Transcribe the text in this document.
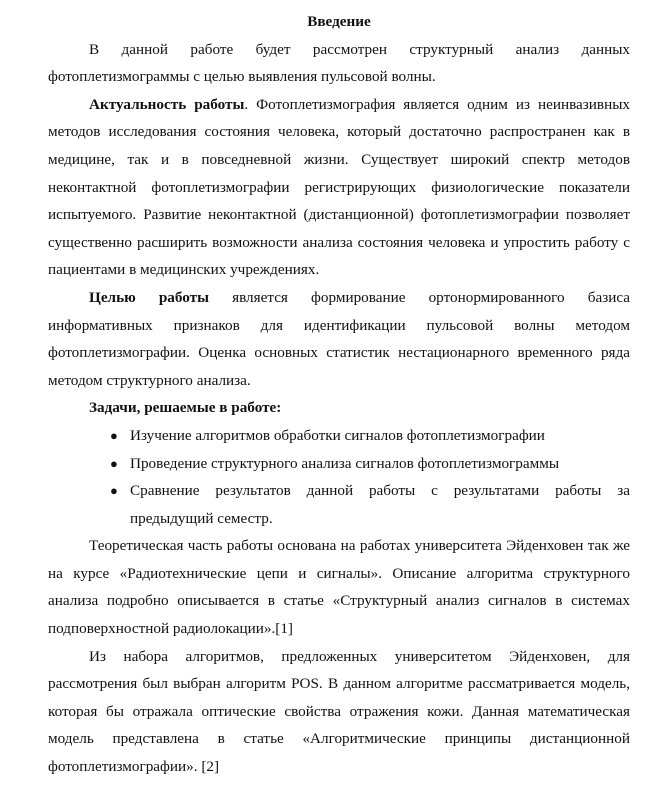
Введение

В данной работе будет рассмотрен структурный анализ данных фотоплетизмограммы с целью выявления пульсовой волны.

Актуальность работы. Фотоплетизмография является одним из неинвазивных методов исследования состояния человека, который достаточно распространен как в медицине, так и в повседневной жизни. Существует широкий спектр методов неконтактной фотоплетизмографии регистрирующих физиологические показатели испытуемого. Развитие неконтактной (дистанционной) фотоплетизмографии позволяет существенно расширить возможности анализа состояния человека и упростить работу с пациентами в медицинских учреждениях.

Целью работы является формирование ортонормированного базиса информативных признаков для идентификации пульсовой волны методом фотоплетизмографии. Оценка основных статистик нестационарного временного ряда методом структурного анализа.

Задачи, решаемые в работе:
● Изучение алгоритмов обработки сигналов фотоплетизмографии
● Проведение структурного анализа сигналов фотоплетизмограммы
● Сравнение результатов данной работы с результатами работы за предыдущий семестр.

Теоретическая часть работы основана на работах университета Эйденховен так же на курсе «Радиотехнические цепи и сигналы». Описание алгоритма структурного анализа подробно описывается в статье «Структурный анализ сигналов в системах подповерхностной радиолокации».[1]

Из набора алгоритмов, предложенных университетом Эйденховен, для рассмотрения был выбран алгоритм POS. В данном алгоритме рассматривается модель, которая бы отражала оптические свойства отражения кожи. Данная математическая модель представлена в статье «Алгоритмические принципы дистанционной фотоплетизмографии». [2]
